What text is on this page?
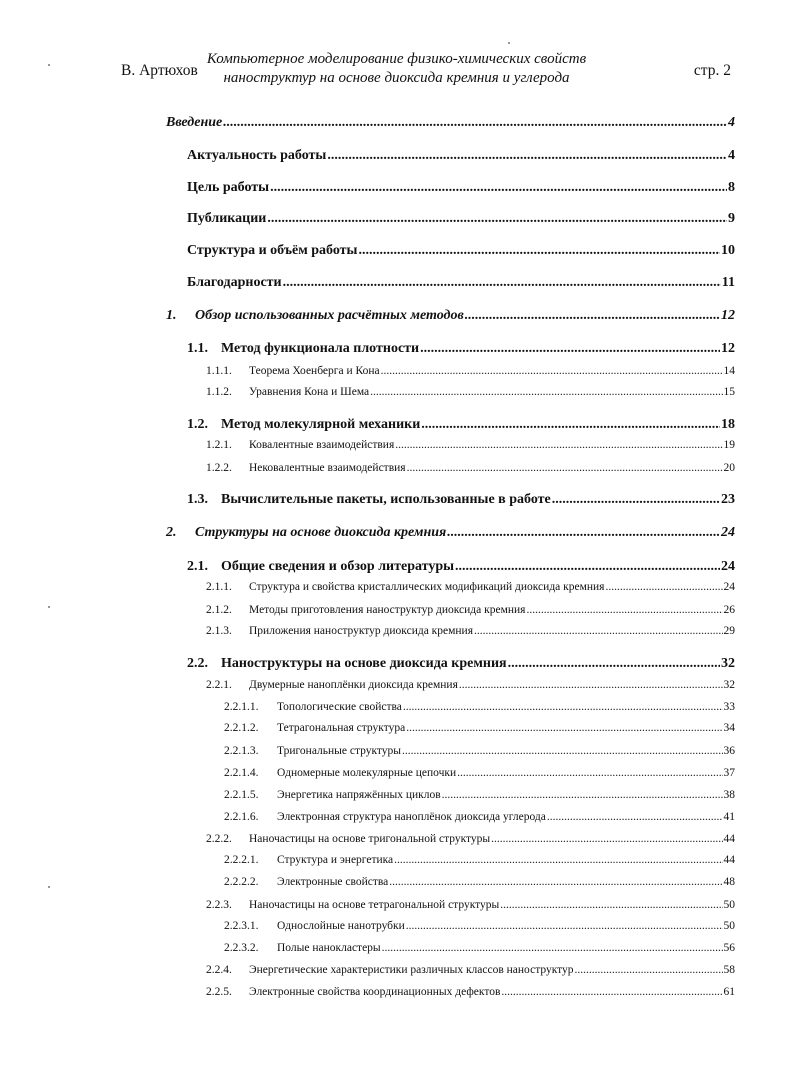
В. Артюхов
Компьютерное моделирование физико-химических свойств
наноструктур на основе диоксида кремния и углерода	стр. 2
Введение .....	4
Актуальность работы .....	4
Цель работы .....	8
Публикации .....	9
Структура и объём работы .....	10
Благодарности .....	11
1.	Обзор использованных расчётных методов .....	12
1.1. Метод функционала плотности .....	12
1.1.1.	Теорема Хоенберга и Кона .....	14
1.1.2.	Уравнения Кона и Шема .....	15
1.2. Метод молекулярной механики .....	18
1.2.1.	Ковалентные взаимодействия .....	19
1.2.2.	Нековалентные взаимодействия .....	20
1.3. Вычислительные пакеты, использованные в работе .....	23
2.	Структуры на основе диоксида кремния .....	24
2.1. Общие сведения и обзор литературы .....	24
2.1.1.	Структура и свойства кристаллических модификаций диоксида кремния .....	24
2.1.2.	Методы приготовления наноструктур диоксида кремния .....	26
2.1.3.	Приложения наноструктур диоксида кремния .....	29
2.2. Наноструктуры на основе диоксида кремния .....	32
2.2.1.	Двумерные наноплёнки диоксида кремния .....	32
2.2.1.1.	Топологические свойства .....	33
2.2.1.2.	Тетрагональная структура .....	34
2.2.1.3.	Тригональные структуры .....	36
2.2.1.4.	Одномерные молекулярные цепочки .....	37
2.2.1.5.	Энергетика напряжённых циклов .....	38
2.2.1.6.	Электронная структура наноплёнок диоксида углерода .....	41
2.2.2.	Наночастицы на основе тригональной структуры .....	44
2.2.2.1.	Структура и энергетика .....	44
2.2.2.2.	Электронные свойства .....	48
2.2.3.	Наночастицы на основе тетрагональной структуры .....	50
2.2.3.1.	Однослойные нанотрубки .....	50
2.2.3.2.	Полые нанокластеры .....	56
2.2.4.	Энергетические характеристики различных классов наноструктур .....	58
2.2.5.	Электронные свойства координационных дефектов .....	61
